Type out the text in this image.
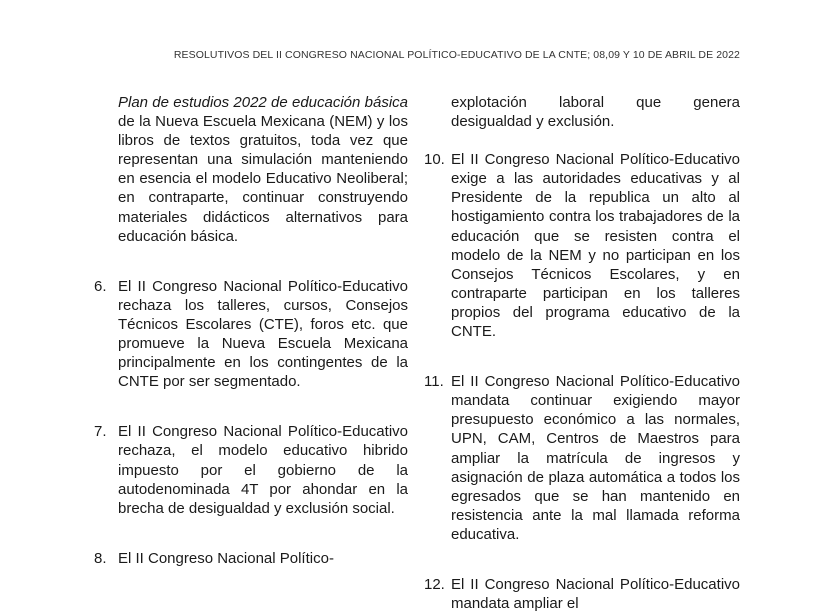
RESOLUTIVOS DEL II CONGRESO NACIONAL POLÍTICO-EDUCATIVO DE LA CNTE; 08,09 Y 10 DE ABRIL DE 2022

Plan de estudios 2022 de educación básica de la Nueva Escuela Mexicana (NEM) y los libros de textos gratuitos, toda vez que representan una simulación manteniendo en esencia el modelo Educativo Neoliberal; en contraparte, continuar construyendo materiales didácticos alternativos para educación básica.

6. El II Congreso Nacional Político-Educativo rechaza los talleres, cursos, Consejos Técnicos Escolares (CTE), foros etc. que promueve la Nueva Escuela Mexicana principalmente en los contingentes de la CNTE por ser segmentado.
7. El II Congreso Nacional Político-Educativo rechaza, el modelo educativo hibrido impuesto por el gobierno de la autodenominada 4T por ahondar en la brecha de desigualdad y exclusión social.
8. El II Congreso Nacional Político-

explotación laboral que genera desigualdad y exclusión.

10. El II Congreso Nacional Político-Educativo exige a las autoridades educativas y al Presidente de la republica un alto al hostigamiento contra los trabajadores de la educación que se resisten contra el modelo de la NEM y no participan en los Consejos Técnicos Escolares, y en contraparte participan en los talleres propios del programa educativo de la CNTE.
11. El II Congreso Nacional Político-Educativo mandata continuar exigiendo mayor presupuesto económico a las normales, UPN, CAM, Centros de Maestros para ampliar la matrícula de ingresos y asignación de plaza automática a todos los egresados que se han mantenido en resistencia ante la mal llamada reforma educativa.
12. El II Congreso Nacional Político-Educativo mandata ampliar el
